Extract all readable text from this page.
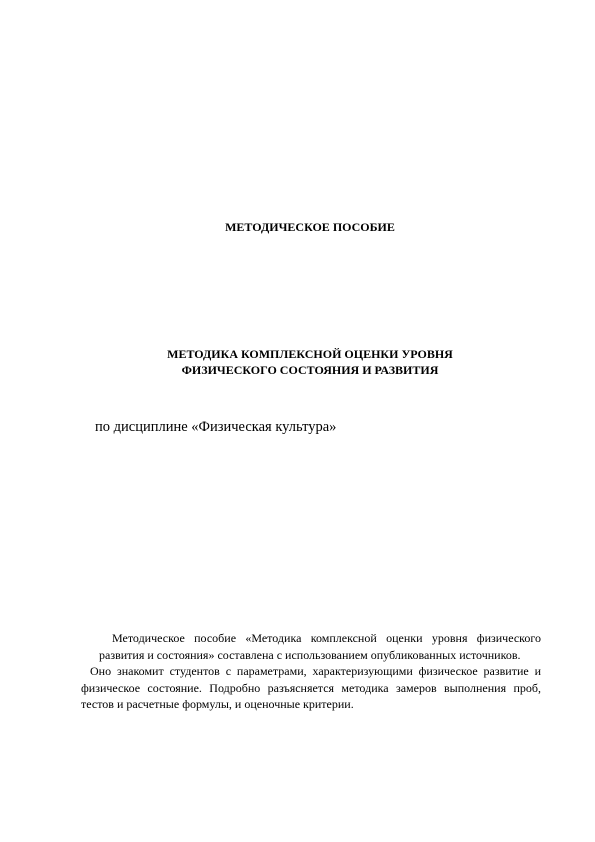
МЕТОДИЧЕСКОЕ ПОСОБИЕ
МЕТОДИКА КОМПЛЕКСНОЙ ОЦЕНКИ УРОВНЯ
ФИЗИЧЕСКОГО СОСТОЯНИЯ И РАЗВИТИЯ
по дисциплине «Физическая культура»

Методическое пособие «Методика комплексной оценки уровня физического развития и состояния» составлена с использованием опубликованных источников.

Оно знакомит студентов с параметрами, характеризующими физическое развитие и физическое состояние. Подробно разъясняется методика замеров выполнения проб, тестов и расчетные формулы, и оценочные критерии.
